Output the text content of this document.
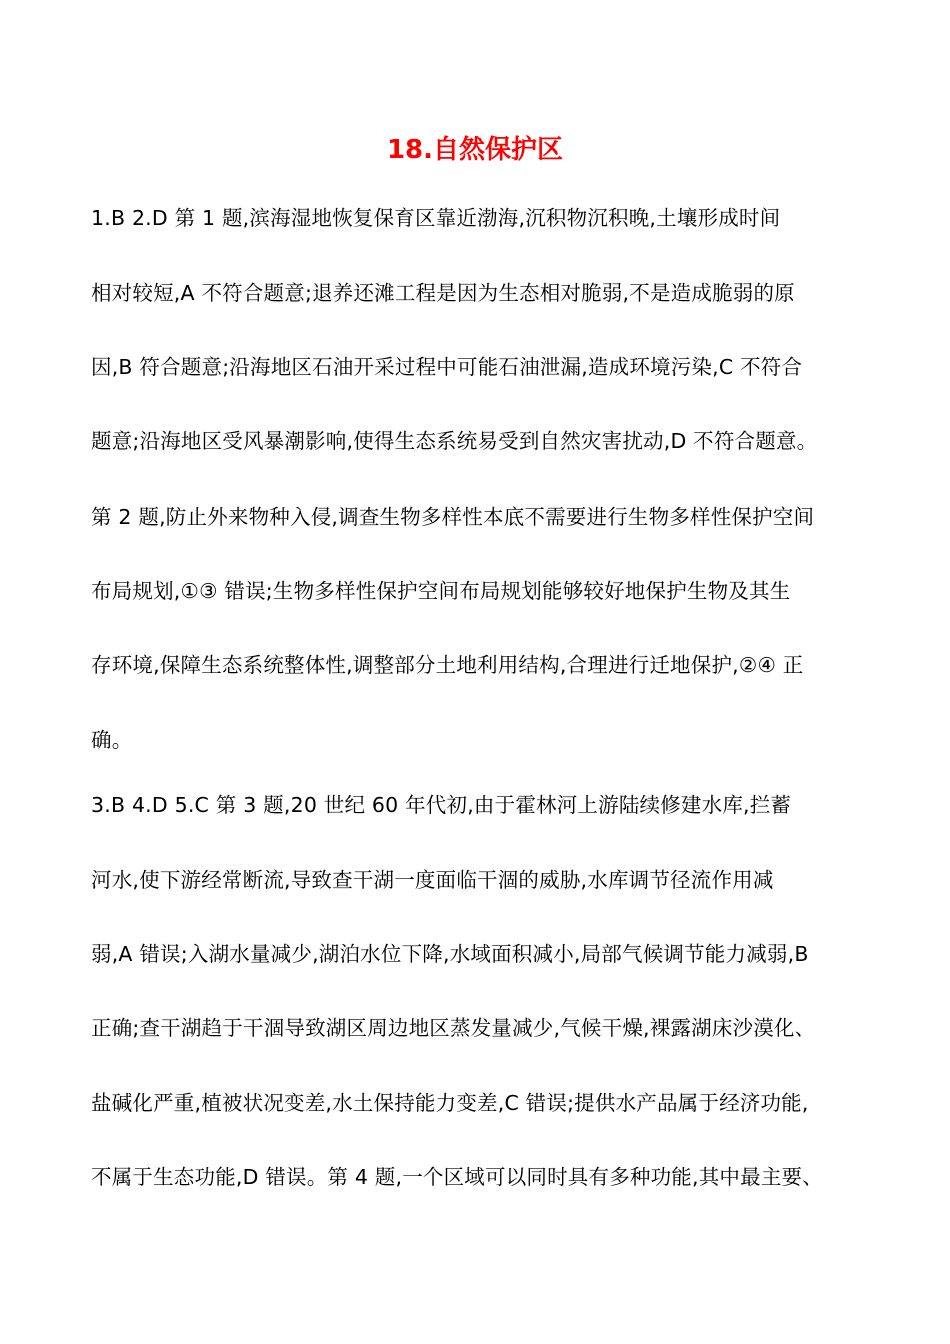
18.自然保护区
1.B 2.D 第 1 题,滨海湿地恢复保育区靠近渤海,沉积物沉积晚,土壤形成时间
相对较短,A 不符合题意;退养还滩工程是因为生态相对脆弱,不是造成脆弱的原
因,B 符合题意;沿海地区石油开采过程中可能石油泄漏,造成环境污染,C 不符合
题意;沿海地区受风暴潮影响,使得生态系统易受到自然灾害扰动,D 不符合题意。
第 2 题,防止外来物种入侵,调查生物多样性本底不需要进行生物多样性保护空间
布局规划,①③ 错误;生物多样性保护空间布局规划能够较好地保护生物及其生
存环境,保障生态系统整体性,调整部分土地利用结构,合理进行迁地保护,②④ 正
确。
3.B 4.D 5.C 第 3 题,20 世纪 60 年代初,由于霍林河上游陆续修建水库,拦蓄
河水,使下游经常断流,导致查干湖一度面临干涸的威胁,水库调节径流作用减
弱,A 错误;入湖水量减少,湖泊水位下降,水域面积减小,局部气候调节能力减弱,B
正确;查干湖趋于干涸导致湖区周边地区蒸发量减少,气候干燥,裸露湖床沙漠化、
盐碱化严重,植被状况变差,水土保持能力变差,C 错误;提供水产品属于经济功能,
不属于生态功能,D 错误。第 4 题,一个区域可以同时具有多种功能,其中最主要、
